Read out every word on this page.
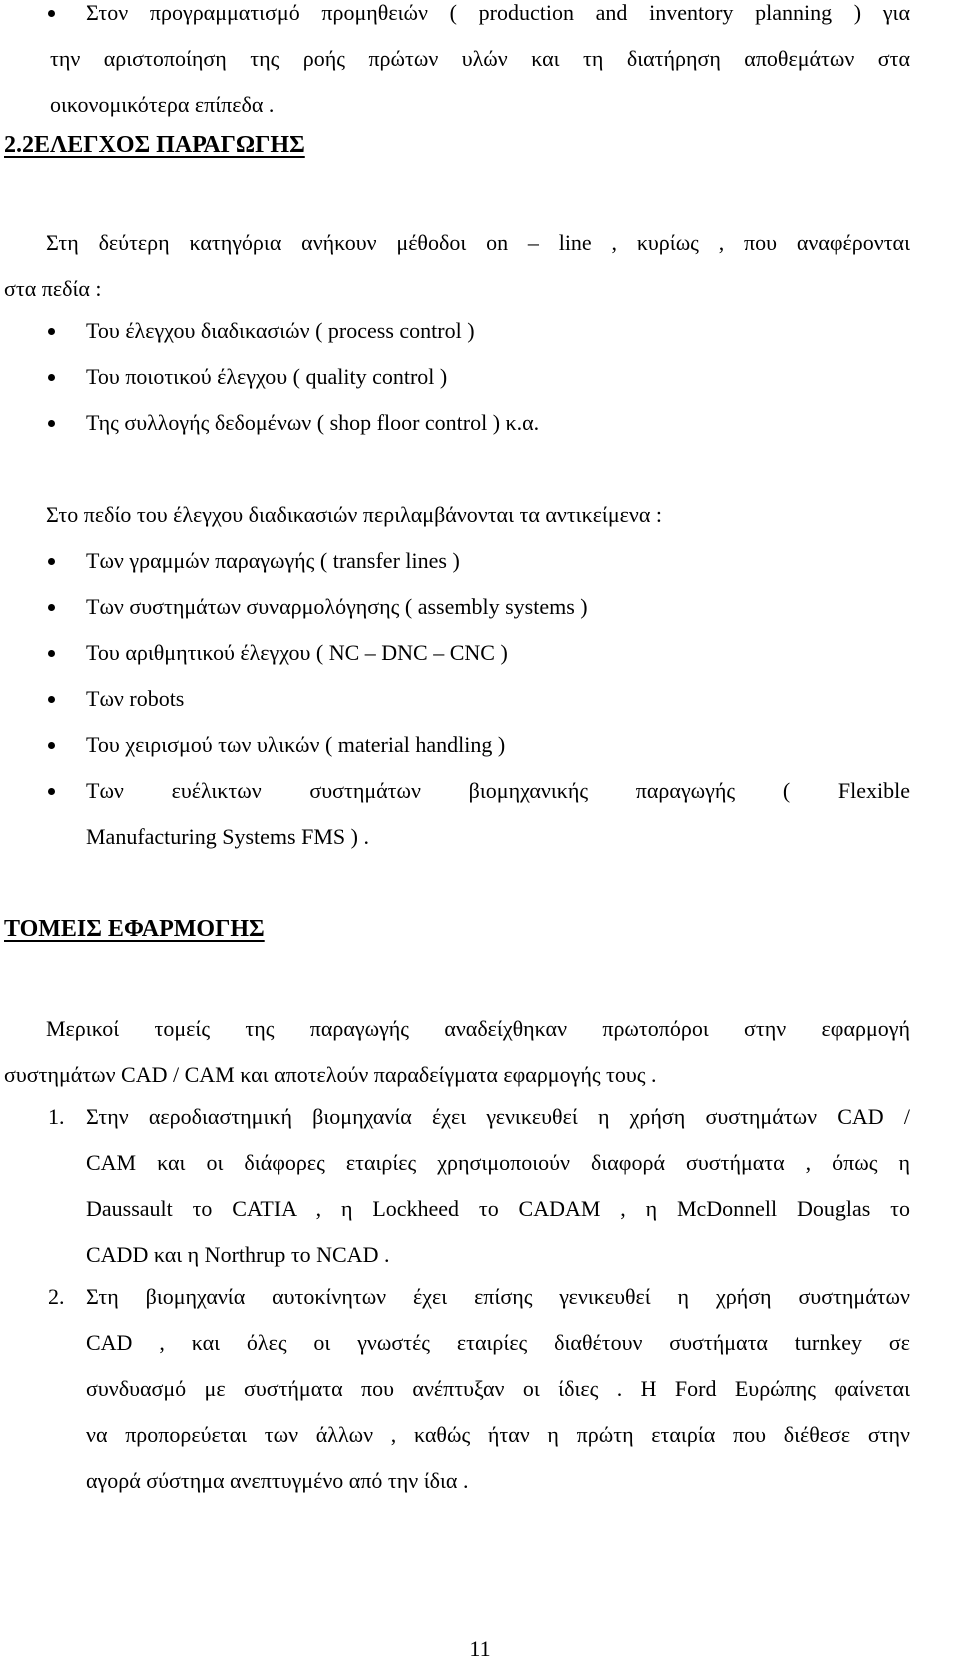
Στον προγραμματισμό προμηθειών ( production and inventory planning ) για
την αριστοποίηση της ροής πρώτων υλών και τη διατήρηση αποθεμάτων στα
οικονομικότερα επίπεδα .
2.2ΕΛΕΓΧΟΣ ΠΑΡΑΓΩΓΗΣ
Στη δεύτερη κατηγόρια ανήκουν μέθοδοι on – line , κυρίως , που αναφέρονται
στα πεδία :
Του έλεγχου διαδικασιών ( process control )
Του ποιοτικού έλεγχου ( quality control )
Της συλλογής δεδομένων ( shop floor control ) κ.α.
Στο πεδίο του έλεγχου διαδικασιών περιλαμβάνονται τα αντικείμενα :
Των γραμμών παραγωγής ( transfer lines )
Των συστημάτων συναρμολόγησης ( assembly systems )
Του αριθμητικού έλεγχου ( NC – DNC – CNC )
Των robots
Του χειρισμού των υλικών ( material handling )
Των ευέλικτων συστημάτων βιομηχανικής παραγωγής ( Flexible
Manufacturing Systems FMS ) .
ΤΟΜΕΙΣ ΕΦΑΡΜΟΓΗΣ
Μερικοί τομείς της παραγωγής αναδείχθηκαν πρωτοπόροι στην εφαρμογή
συστημάτων CAD / CAM και αποτελούν παραδείγματα εφαρμογής τους .
1. Στην αεροδιαστημική βιομηχανία έχει γενικευθεί η χρήση συστημάτων CAD /
CAM και οι διάφορες εταιρίες χρησιμοποιούν διαφορά συστήματα , όπως η
Daussault το CATIA , η Lockheed το CADAM , η McDonnell Douglas το
CADD και η Northrup το NCAD .
2. Στη βιομηχανία αυτοκίνητων έχει επίσης γενικευθεί η χρήση συστημάτων
CAD , και όλες οι γνωστές εταιρίες διαθέτουν συστήματα turnkey σε
συνδυασμό με συστήματα που ανέπτυξαν οι ίδιες . Η Ford Ευρώπης φαίνεται
να προπορεύεται των άλλων , καθώς ήταν η πρώτη εταιρία που διέθεσε στην
αγορά σύστημα ανεπτυγμένο από την ίδια .
11
